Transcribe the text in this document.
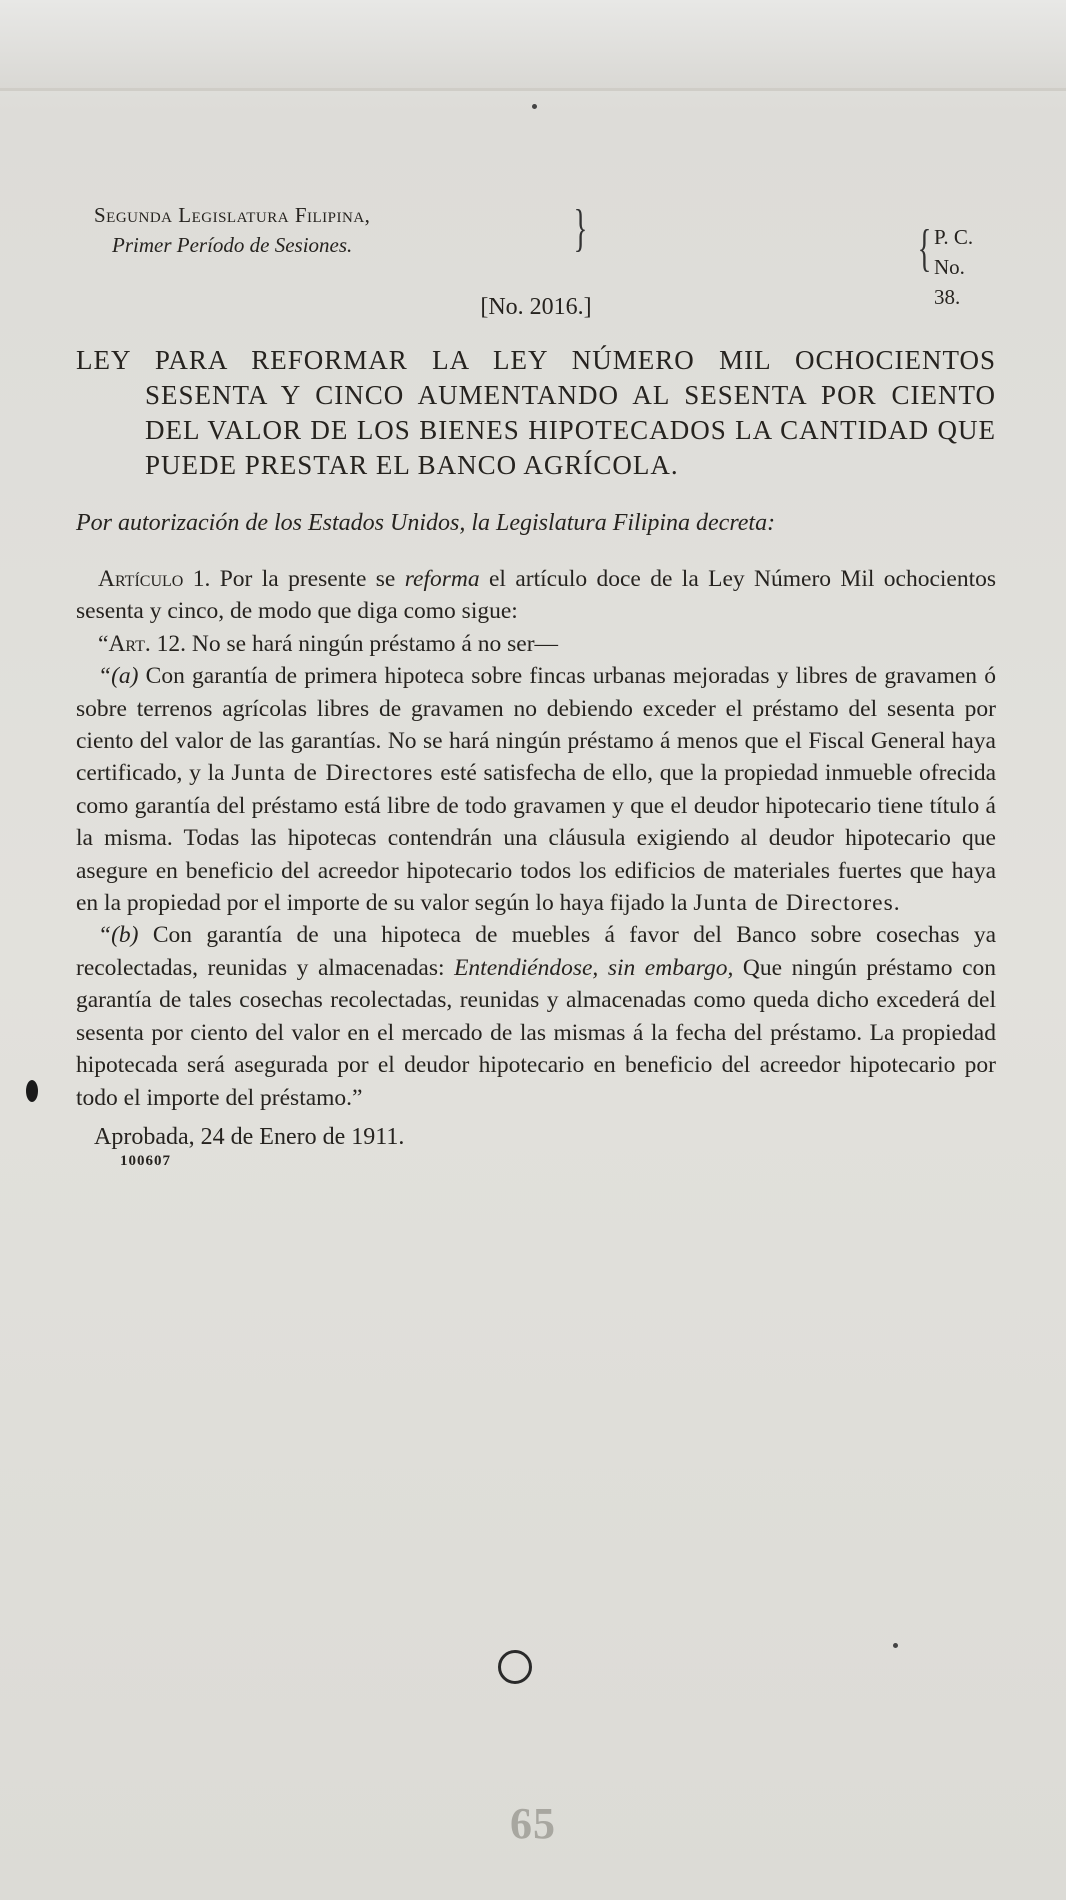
Segunda Legislatura Filipina,
Primer Período de Sesiones.	}	{ P. C.
No. 38.
[No. 2016.]
LEY PARA REFORMAR LA LEY NÚMERO MIL OCHOCIENTOS SESENTA Y CINCO AUMENTANDO AL SESENTA POR CIENTO DEL VALOR DE LOS BIENES HIPOTECADOS LA CANTIDAD QUE PUEDE PRESTAR EL BANCO AGRÍCOLA.
Por autorización de los Estados Unidos, la Legislatura Filipina decreta:

Artículo 1. Por la presente se reforma el artículo doce de la Ley Número Mil ochocientos sesenta y cinco, de modo que diga como sigue:

“Art. 12. No se hará ningún préstamo á no ser—

“(a) Con garantía de primera hipoteca sobre fincas urbanas mejoradas y libres de gravamen ó sobre terrenos agrícolas libres de gravamen no debiendo exceder el préstamo del sesenta por ciento del valor de las garantías. No se hará ningún préstamo á menos que el Fiscal General haya certificado, y la Junta de Directores esté satisfecha de ello, que la propiedad inmueble ofrecida como garantía del préstamo está libre de todo gravamen y que el deudor hipotecario tiene título á la misma. Todas las hipotecas contendrán una cláusula exigiendo al deudor hipotecario que asegure en beneficio del acreedor hipotecario todos los edificios de materiales fuertes que haya en la propiedad por el importe de su valor según lo haya fijado la Junta de Directores.

“(b) Con garantía de una hipoteca de muebles á favor del Banco sobre cosechas ya recolectadas, reunidas y almacenadas: Entendiéndose, sin embargo, Que ningún préstamo con garantía de tales cosechas recolectadas, reunidas y almacenadas como queda dicho excederá del sesenta por ciento del valor en el mercado de las mismas á la fecha del préstamo. La propiedad hipotecada será asegurada por el deudor hipotecario en beneficio del acreedor hipotecario por todo el importe del préstamo.”

Aprobada, 24 de Enero de 1911.
100607
65
